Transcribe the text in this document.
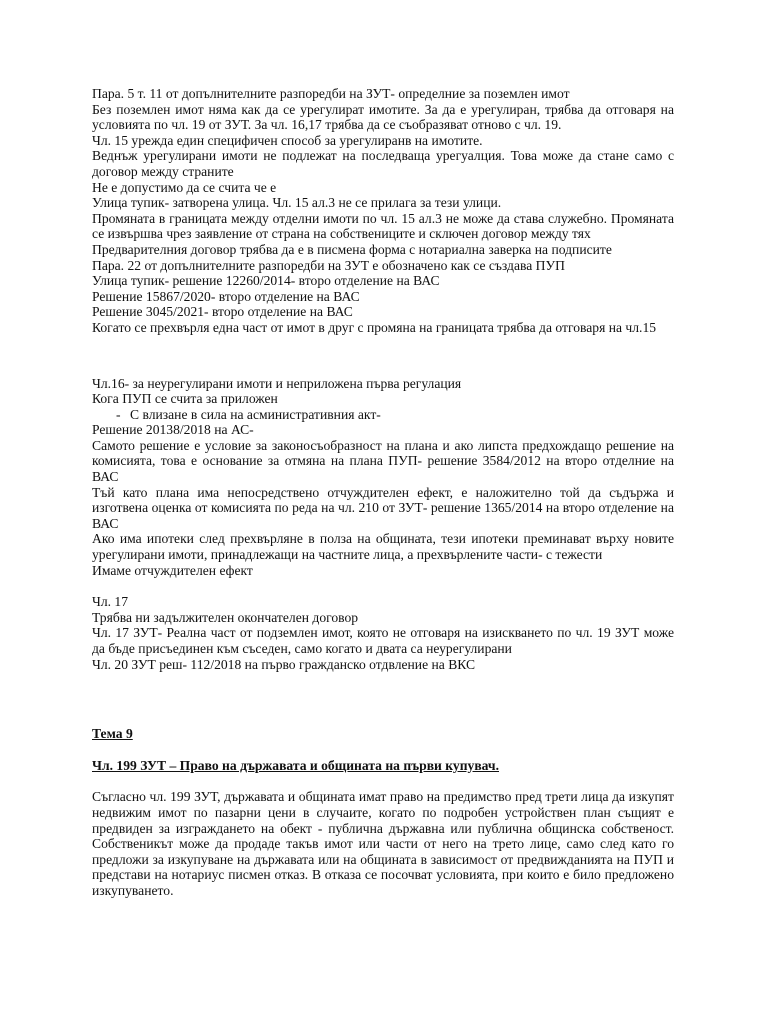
Пара. 5 т. 11 от допълнителните разпоредби на ЗУТ- определние за поземлен имот

Без поземлен имот няма как да се урегулират имотите. За да е урегулиран, трябва да отговаря на условията по чл. 19 от ЗУТ. За чл. 16,17 трябва да се съобразяват отново с чл. 19.

Чл. 15 урежда един специфичен способ за урегулиранв на имотите.

Веднъж урегулирани имоти не подлежат на последваща урегуалция. Това може да стане само с договор между страните

Не е допустимо да се счита че е

Улица тупик- затворена улица. Чл. 15 ал.3 не се прилага за тези улици.

Промяната в границата между отделни имоти по чл. 15 ал.3 не може да става служебно. Промяната се извършва чрез заявление от страна на собствениците и сключен договор между тях

Предварителния договор трябва да е в писмена форма с нотариална заверка на подписите

Пара. 22 от допълнителните разпоредби на ЗУТ е обозначено как се създава ПУП

Улица тупик- решение 12260/2014- второ отделение на ВАС

Решение 15867/2020- второ отделение на ВАС

Решение 3045/2021- второ отделение на ВАС

Когато се прехвърля една част от имот в друг с промяна на границата трябва да отговаря на чл.15

Чл.16- за неурегулирани имоти и неприложена първа регулация

Кога ПУП се счита за приложен

- С влизане в сила на асминистративния акт-

Решение 20138/2018 на АС-

Самото решение е условие за законосъобразност на плана и ако липста предхождащо решение на комисията, това е основание за отмяна на плана ПУП- решение 3584/2012 на второ отделние на ВАС

Тъй като плана има непосредствено отчуждителен ефект, е наложително той да съдържа и изготвена оценка от комисията по реда на чл. 210 от ЗУТ- решение 1365/2014 на второ отделение на ВАС

Ако има ипотеки след прехвърляне в полза на общината, тези ипотеки преминават върху новите урегулирани имоти, принадлежащи на частните лица, а прехвърлените части- с тежести

Имаме отчуждителен ефект

Чл. 17

Трябва ни задължителен окончателен договор

Чл. 17 ЗУТ- Реална част от подземлен имот, която не отговаря на изискването по чл. 19 ЗУТ може да бъде присъединен към съседен, само когато и двата са неурегулирани

Чл. 20 ЗУТ реш- 112/2018 на първо гражданско отдвление на ВКС

Тема 9

Чл. 199 ЗУТ – Право на държавата и общината на първи купувач.

Съгласно чл. 199 ЗУТ, държавата и общината имат право на предимство пред трети лица да изкупят недвижим имот по пазарни цени в случаите, когато по подробен устройствен план същият е предвиден за изграждането на обект - публична държавна или публична общинска собственост. Собственикът може да продаде такъв имот или части от него на трето лице, само след като го предложи за изкупуване на държавата или на общината в зависимост от предвижданията на ПУП и представи на нотариус писмен отказ. В отказа се посочват условията, при които е било предложено изкупуването.
